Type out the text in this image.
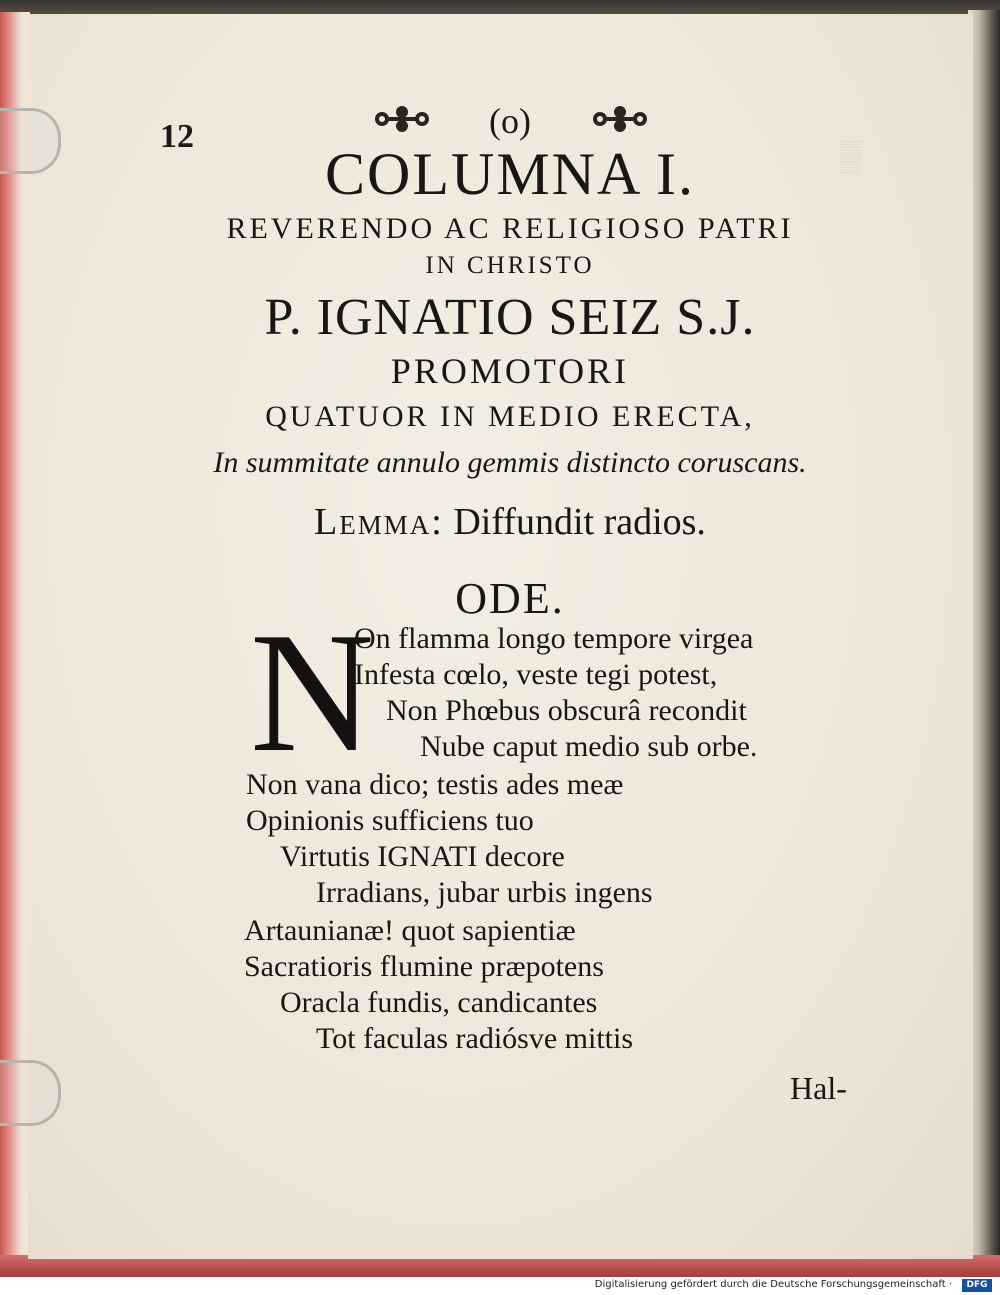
▒
12	(o)
COLUMNA I.
REVERENDO AC RELIGIOSO PATRI
IN CHRISTO
P. IGNATIO SEIZ S.J.
PROMOTORI
QUATUOR IN MEDIO ERECTA,
In summitate annulo gemmis distincto coruscans.
Lemma: Diffundit radios.
ODE.
N
On flamma longo tempore virgea
Infesta cœlo, veste tegi potest,
Non Phœbus obscurâ recondit
Nube caput medio sub orbe.
Non vana dico; testis ades meæ
Opinionis sufficiens tuo
Virtutis IGNATI decore
Irradians, jubar urbis ingens
Artaunianæ! quot sapientiæ
Sacratioris flumine præpotens
Oracla fundis, candicantes
Tot faculas radiósve mittis
Hal-
Digitalisierung gefördert durch die Deutsche Forschungsgemeinschaft ·	DFG
